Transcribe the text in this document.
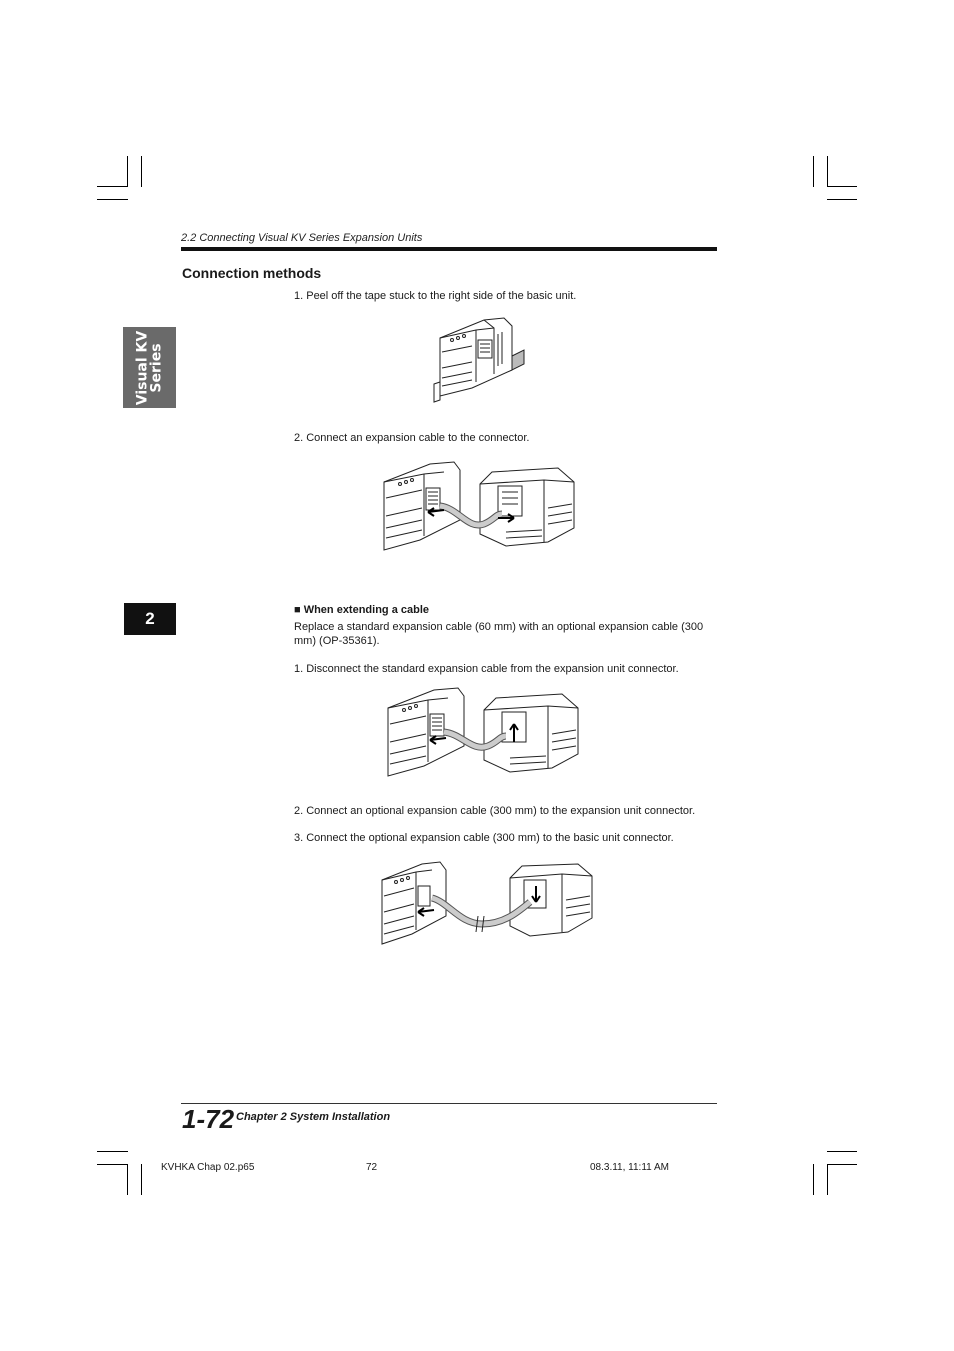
2.2 Connecting Visual KV Series Expansion Units
Visual KV
Series
2
Connection methods
1. Peel off the tape stuck to the right side of the basic unit.
2. Connect an expansion cable to the connector.
■ When extending a cable
Replace a standard expansion cable (60 mm) with an optional expansion cable (300 mm) (OP-35361).
1. Disconnect the standard expansion cable from the expansion unit connector.
2. Connect an optional expansion cable (300 mm) to the expansion unit connector.
3. Connect the optional expansion cable (300 mm) to the basic unit connector.
1-72 Chapter 2 System Installation
KVHKA Chap 02.p65	72	08.3.11, 11:11 AM
